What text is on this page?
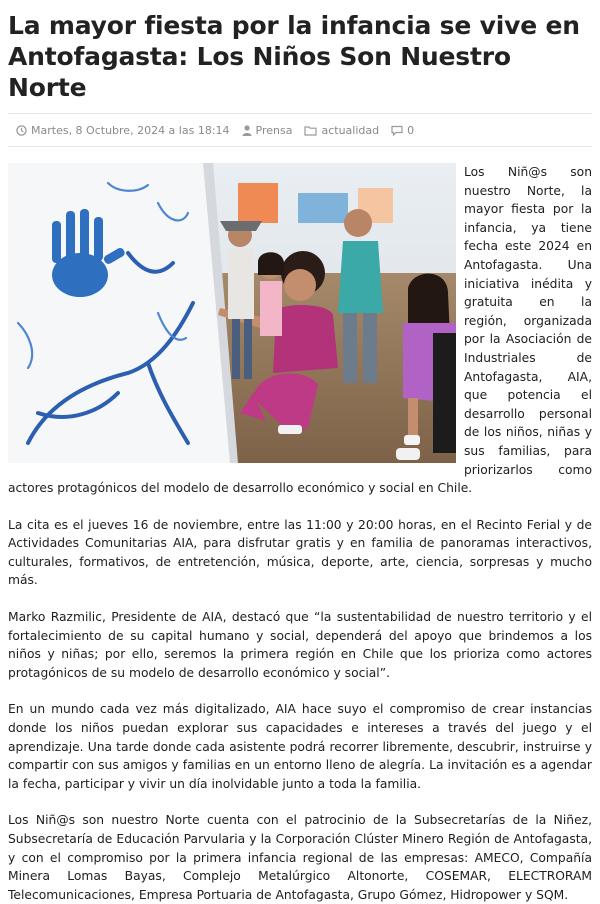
La mayor fiesta por la infancia se vive en Antofagasta: Los Niños Son Nuestro Norte
Martes, 8 Octubre, 2024 a las 18:14 Prensa	actualidad	0

Los Niñ@s son nuestro Norte, la mayor fiesta por la infancia, ya tiene fecha este 2024 en Antofagasta. Una iniciativa inédita y gratuita en la región, organizada por la Asociación de Industriales de Antofagasta, AIA, que potencia el desarrollo personal de los niños, niñas y sus familias, para priorizarlos como actores protagónicos del modelo de desarrollo económico y social en Chile.

La cita es el jueves 16 de noviembre, entre las 11:00 y 20:00 horas, en el Recinto Ferial y de Actividades Comunitarias AIA, para disfrutar gratis y en familia de panoramas interactivos, culturales, formativos, de entretención, música, deporte, arte, ciencia, sorpresas y mucho más.

Marko Razmilic, Presidente de AIA, destacó que “la sustentabilidad de nuestro territorio y el fortalecimiento de su capital humano y social, dependerá del apoyo que brindemos a los niños y niñas; por ello, seremos la primera región en Chile que los prioriza como actores protagónicos de su modelo de desarrollo económico y social”.

En un mundo cada vez más digitalizado, AIA hace suyo el compromiso de crear instancias donde los niños puedan explorar sus capacidades e intereses a través del juego y el aprendizaje. Una tarde donde cada asistente podrá recorrer libremente, descubrir, instruirse y compartir con sus amigos y familias en un entorno lleno de alegría. La invitación es a agendar la fecha, participar y vivir un día inolvidable junto a toda la familia.

Los Niñ@s son nuestro Norte cuenta con el patrocinio de la Subsecretarías de la Niñez, Subsecretaría de Educación Parvularia y la Corporación Clúster Minero Región de Antofagasta, y con el compromiso por la primera infancia regional de las empresas: AMECO, Compañía Minera Lomas Bayas, Complejo Metalúrgico Altonorte, COSEMAR, ELECTRORAM Telecomunicaciones, Empresa Portuaria de Antofagasta, Grupo Gómez, Hidropower y SQM.
